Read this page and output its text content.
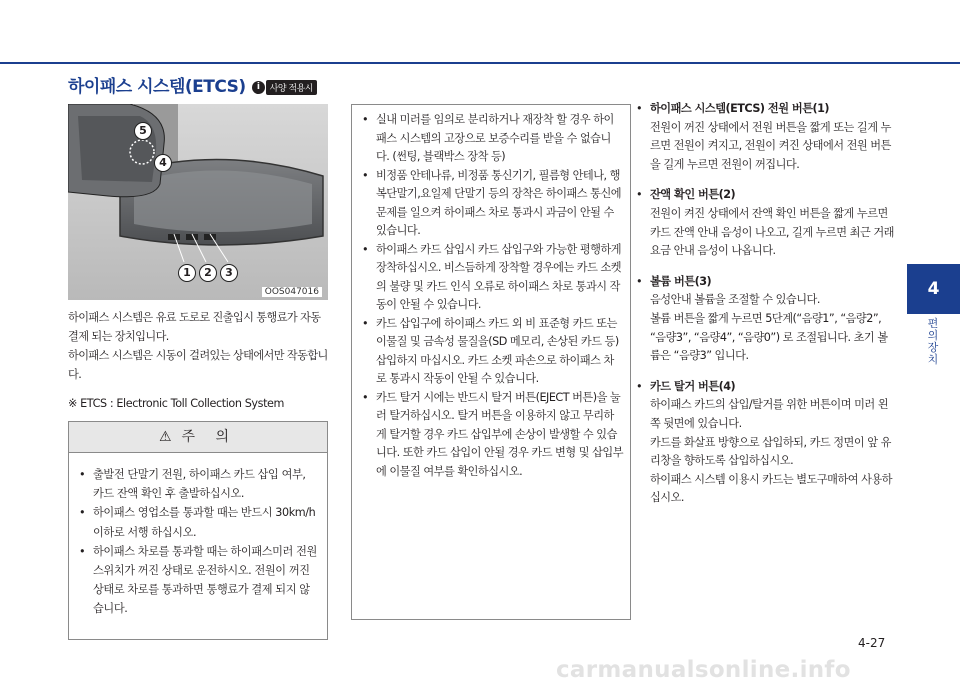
하이패스 시스템(ETCS) i 사양 적용시
5
4
1	2	3
OOS047016

하이패스 시스템은 유료 도로로 진출입시 통행료가 자동결제 되는 장치입니다.

하이패스 시스템은 시동이 걸려있는 상태에서만 작동합니다.

※ ETCS : Electronic Toll Collection System
⚠ 주 의
• 출발전 단말기 전원, 하이패스 카드 삽입 여부, 카드 잔액 확인 후 출발하십시오.
• 하이패스 영업소를 통과할 때는 반드시 30km/h 이하로 서행 하십시오.
• 하이패스 차로를 통과할 때는 하이패스미러 전원 스위치가 꺼진 상태로 운전하시오. 전원이 꺼진 상태로 차로를 통과하면 통행료가 결제 되지 않습니다.
• 실내 미러를 임의로 분리하거나 재장착 할 경우 하이패스 시스템의 고장으로 보증수리를 받을 수 없습니다. (썬팅, 블랙박스 장착 등)
• 비정품 안테나류, 비정품 통신기기, 필름형 안테나, 행복단말기,요일제 단말기 등의 장착은 하이패스 통신에 문제를 일으켜 하이패스 차로 통과시 과금이 안될 수 있습니다.
• 하이패스 카드 삽입시 카드 삽입구와 가능한 평행하게 장착하십시오. 비스듬하게 장착할 경우에는 카드 소켓의 불량 및 카드 인식 오류로 하이패스 차로 통과시 작동이 안될 수 있습니다.
• 카드 삽입구에 하이패스 카드 외 비 표준형 카드 또는 이물질 및 금속성 물질을(SD 메모리, 손상된 카드 등) 삽입하지 마십시오. 카드 소켓 파손으로 하이패스 차로 통과시 작동이 안될 수 있습니다.
• 카드 탈거 시에는 반드시 탈거 버튼(EJECT 버튼)을 눌러 탈거하십시오. 탈거 버튼을 이용하지 않고 무리하게 탈거할 경우 카드 삽입부에 손상이 발생할 수 있습니다. 또한 카드 삽입이 안될 경우 카드 변형 및 삽입부에 이물질 여부를 확인하십시오.
• 하이패스 시스템(ETCS) 전원 버튼(1)

전원이 꺼진 상태에서 전원 버튼을 짧게 또는 길게 누르면 전원이 켜지고, 전원이 켜진 상태에서 전원 버튼을 길게 누르면 전원이 꺼집니다.

• 잔액 확인 버튼(2)

전원이 켜진 상태에서 잔액 확인 버튼을 짧게 누르면 카드 잔액 안내 음성이 나오고, 길게 누르면 최근 거래 요금 안내 음성이 나옵니다.

• 볼륨 버튼(3)

음성안내 볼륨을 조절할 수 있습니다.

볼륨 버튼을 짧게 누르면 5단계(“음량1”, “음량2”, “음량3”, “음량4”, “음량0”) 로 조절됩니다. 초기 볼륨은 “음량3” 입니다.

• 카드 탈거 버튼(4)

하이패스 카드의 삽입/탈거를 위한 버튼이며 미러 왼쪽 뒷면에 있습니다.

카드를 화살표 방향으로 삽입하되, 카드 정면이 앞 유리창을 향하도록 삽입하십시오.

하이패스 시스템 이용시 카드는 별도구매하여 사용하십시오.

4
편의 장치
4-27
carmanualsonline.info
